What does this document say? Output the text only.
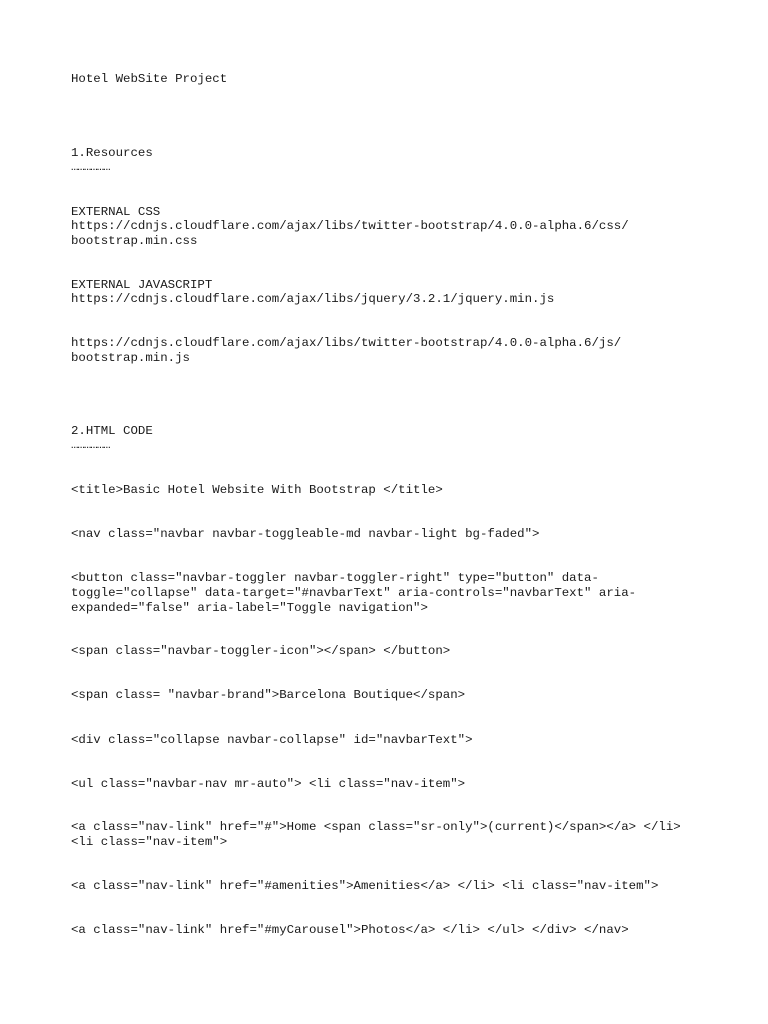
Hotel WebSite Project

1.Resources

………………

EXTERNAL CSS

https://cdnjs.cloudflare.com/ajax/libs/twitter-bootstrap/4.0.0-alpha.6/css/

bootstrap.min.css

EXTERNAL JAVASCRIPT

https://cdnjs.cloudflare.com/ajax/libs/jquery/3.2.1/jquery.min.js

https://cdnjs.cloudflare.com/ajax/libs/twitter-bootstrap/4.0.0-alpha.6/js/

bootstrap.min.js

2.HTML CODE

………………

<title>Basic Hotel Website With Bootstrap </title>

<nav class="navbar navbar-toggleable-md navbar-light bg-faded">

<button class="navbar-toggler navbar-toggler-right" type="button" data-

toggle="collapse" data-target="#navbarText" aria-controls="navbarText" aria-

expanded="false" aria-label="Toggle navigation">

<span class="navbar-toggler-icon"></span> </button>

<span class= "navbar-brand">Barcelona Boutique</span>

<div class="collapse navbar-collapse" id="navbarText">

<ul class="navbar-nav mr-auto"> <li class="nav-item">

<a class="nav-link" href="#">Home <span class="sr-only">(current)</span></a> </li>

<li class="nav-item">

<a class="nav-link" href="#amenities">Amenities</a> </li> <li class="nav-item">

<a class="nav-link" href="#myCarousel">Photos</a> </li> </ul> </div> </nav>
